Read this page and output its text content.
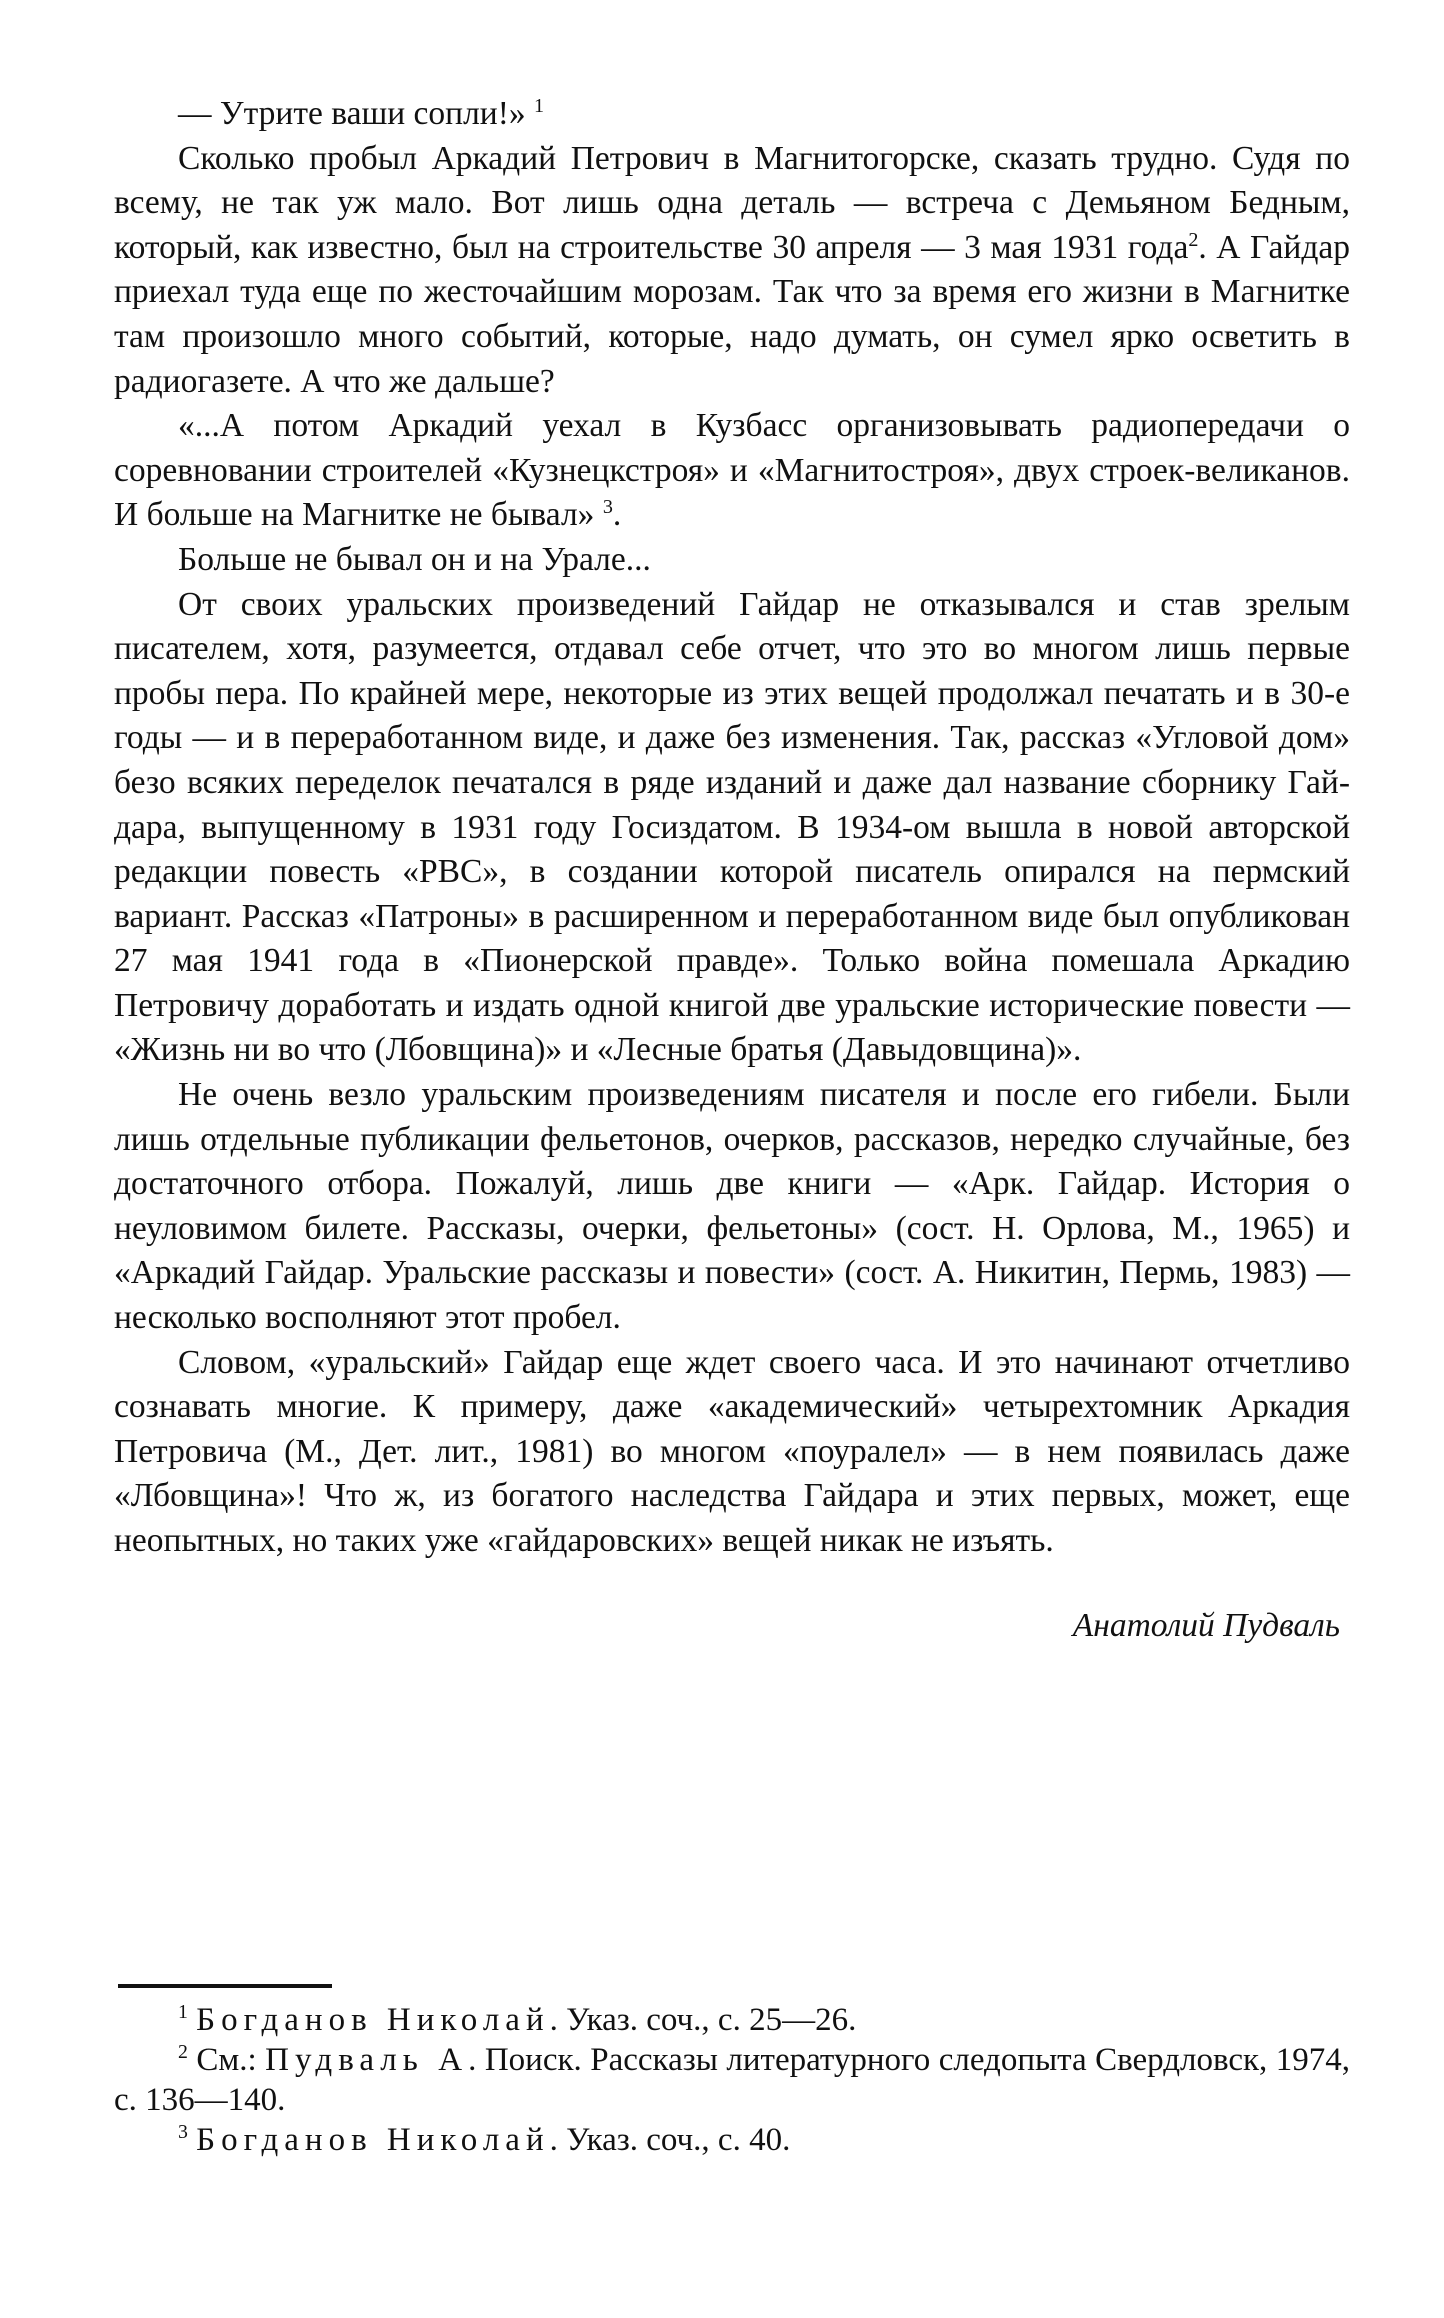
— Утрите ваши сопли!» $^1$

Сколько пробыл Аркадий Петрович в Магнитогорске, сказать трудно. Судя по всему, не так уж мало. Вот лишь одна деталь — встреча с Демьяном Бедным, который, как известно, был на строительстве 30 апреля — 3 мая 1931 года$^2$. А Гайдар приехал туда еще по жесточайшим морозам. Так что за время его жизни в Магнитке там произошло много событий, которые, надо думать, он сумел ярко осветить в радиогазете. А что же дальше?

«...А потом Аркадий уехал в Кузбасс организовывать радиопередачи о соревновании строителей «Кузнецкстроя» и «Магнитостроя», двух строек-великанов. И больше на Магнитке не бывал» $^3$.

Больше не бывал он и на Урале...

От своих уральских произведений Гайдар не отказывался и став зрелым писателем, хотя, разумеется, отдавал себе отчет, что это во многом лишь первые пробы пера. По крайней мере, некоторые из этих вещей продолжал печатать и в 30-е годы — и в переработанном виде, и даже без изменения. Так, рассказ «Угловой дом» безо всяких переделок печатался в ряде изданий и даже дал название сборнику Гайдара, выпущенному в 1931 году Госиздатом. В 1934-ом вышла в новой авторской редакции повесть «РВС», в создании которой писатель опирался на пермский вариант. Рассказ «Патроны» в расширенном и переработанном виде был опубликован 27 мая 1941 года в «Пионерской правде». Только война помешала Аркадию Петровичу доработать и издать одной книгой две уральские исторические повести — «Жизнь ни во что (Лбовщина)» и «Лесные братья (Давыдовщина)».

Не очень везло уральским произведениям писателя и после его гибели. Были лишь отдельные публикации фельетонов, очерков, рассказов, нередко случайные, без достаточного отбора. Пожалуй, лишь две книги — «Арк. Гайдар. История о неуловимом билете. Рассказы, очерки, фельетоны» (сост. Н. Орлова, М., 1965) и «Аркадий Гайдар. Уральские рассказы и повести» (сост. А. Никитин, Пермь, 1983) — несколько восполняют этот пробел.

Словом, «уральский» Гайдар еще ждет своего часа. И это начинают отчетливо сознавать многие. К примеру, даже «академический» четырехтомник Аркадия Петровича (М., Дет. лит., 1981) во многом «поуралел» — в нем появилась даже «Лбовщина»! Что ж, из богатого наследства Гайдара и этих первых, может, еще неопытных, но таких уже «гайдаровских» вещей никак не изъять.

Анатолий Пудваль

$^1$ Богданов Николай. Указ. соч., с. 25—26.

$^2$ См.: Пудваль А. Поиск. Рассказы литературного следопыта Свердловск, 1974, с. 136—140.

$^3$ Богданов Николай. Указ. соч., с. 40.
